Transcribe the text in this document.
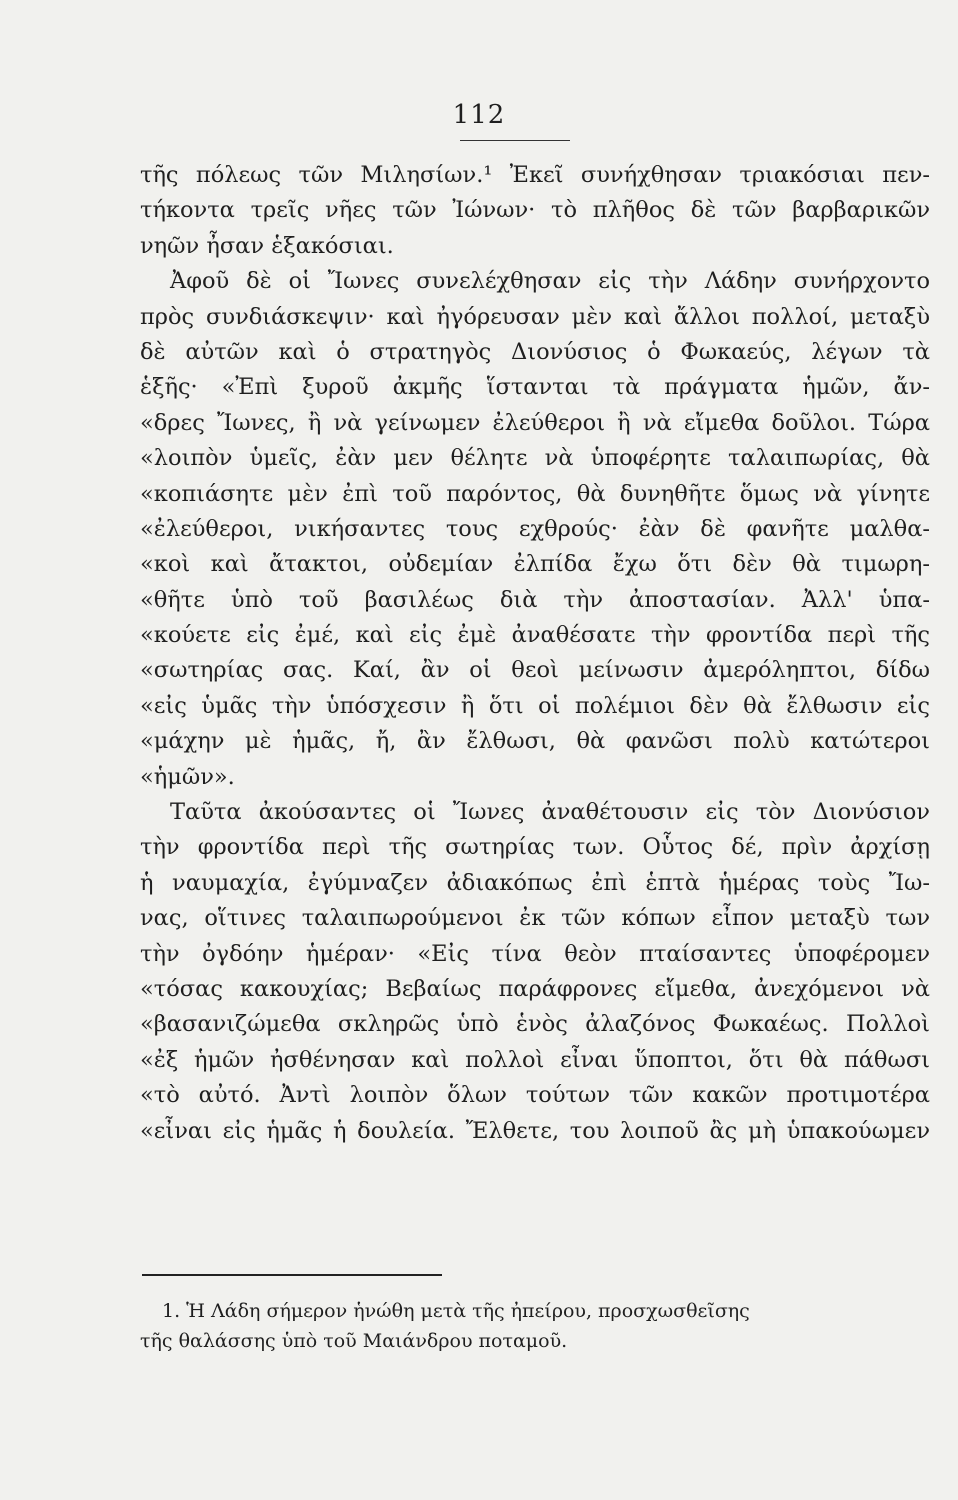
112
τῆς πόλεως τῶν Μιλησίων.¹ Ἐκεῖ συνήχθησαν τριακόσιαι πεν-
τήκοντα τρεῖς νῆες τῶν Ἰώνων· τὸ πλῆθος δὲ τῶν βαρβαρικῶν
νηῶν ἦσαν ἑξακόσιαι.
Ἀφοῦ δὲ οἱ Ἴωνες συνελέχθησαν εἰς τὴν Λάδην συνήρχοντο
πρὸς συνδιάσκεψιν· καὶ ἠγόρευσαν μὲν καὶ ἄλλοι πολλοί, μεταξὺ
δὲ αὐτῶν καὶ ὁ στρατηγὸς Διονύσιος ὁ Φωκαεύς, λέγων τὰ
ἑξῆς· «Ἐπὶ ξυροῦ ἀκμῆς ἵστανται τὰ πράγματα ἡμῶν, ἄν-
«δρες Ἴωνες, ἢ νὰ γείνωμεν ἐλεύθεροι ἢ νὰ εἴμεθα δοῦλοι. Τώρα
«λοιπὸν ὑμεῖς, ἐὰν μεν θέλητε νὰ ὑποφέρητε ταλαιπωρίας, θὰ
«κοπιάσητε μὲν ἐπὶ τοῦ παρόντος, θὰ δυνηθῆτε ὅμως νὰ γίνητε
«ἐλεύθεροι, νικήσαντες τους εχθρούς· ἐὰν δὲ φανῆτε μαλθα-
«κοὶ καὶ ἄτακτοι, οὐδεμίαν ἐλπίδα ἔχω ὅτι δὲν θὰ τιμωρη-
«θῆτε ὑπὸ τοῦ βασιλέως διὰ τὴν ἀποστασίαν. Ἀλλ' ὑπα-
«κούετε εἰς ἐμέ, καὶ εἰς ἐμὲ ἀναθέσατε τὴν φροντίδα περὶ τῆς
«σωτηρίας σας. Καί, ἂν οἱ θεοὶ μείνωσιν ἀμερόληπτοι, δίδω
«εἰς ὑμᾶς τὴν ὑπόσχεσιν ἢ ὅτι οἱ πολέμιοι δὲν θὰ ἔλθωσιν εἰς
«μάχην μὲ ἡμᾶς, ἤ, ἂν ἔλθωσι, θὰ φανῶσι πολὺ κατώτεροι
«ἡμῶν».
Ταῦτα ἀκούσαντες οἱ Ἴωνες ἀναθέτουσιν εἰς τὸν Διονύσιον
τὴν φροντίδα περὶ τῆς σωτηρίας των. Οὗτος δέ, πρὶν ἀρχίσῃ
ἡ ναυμαχία, ἐγύμναζεν ἀδιακόπως ἐπὶ ἑπτὰ ἡμέρας τοὺς Ἴω-
νας, οἵτινες ταλαιπωρούμενοι ἐκ τῶν κόπων εἶπον μεταξὺ των
τὴν ὀγδόην ἡμέραν· «Εἰς τίνα θεὸν πταίσαντες ὑποφέρομεν
«τόσας κακουχίας; Βεβαίως παράφρονες εἴμεθα, ἀνεχόμενοι νὰ
«βασανιζώμεθα σκληρῶς ὑπὸ ἑνὸς ἀλαζόνος Φωκαέως. Πολλοὶ
«ἐξ ἡμῶν ἠσθένησαν καὶ πολλοὶ εἶναι ὕποπτοι, ὅτι θὰ πάθωσι
«τὸ αὐτό. Ἀντὶ λοιπὸν ὅλων τούτων τῶν κακῶν προτιμοτέρα
«εἶναι εἰς ἡμᾶς ἡ δουλεία. Ἔλθετε, του λοιποῦ ἂς μὴ ὑπακούωμεν
1. Ἡ Λάδη σήμερον ἡνώθη μετὰ τῆς ἠπείρου, προσχωσθεῖσης
τῆς θαλάσσης ὑπὸ τοῦ Μαιάνδρου ποταμοῦ.
